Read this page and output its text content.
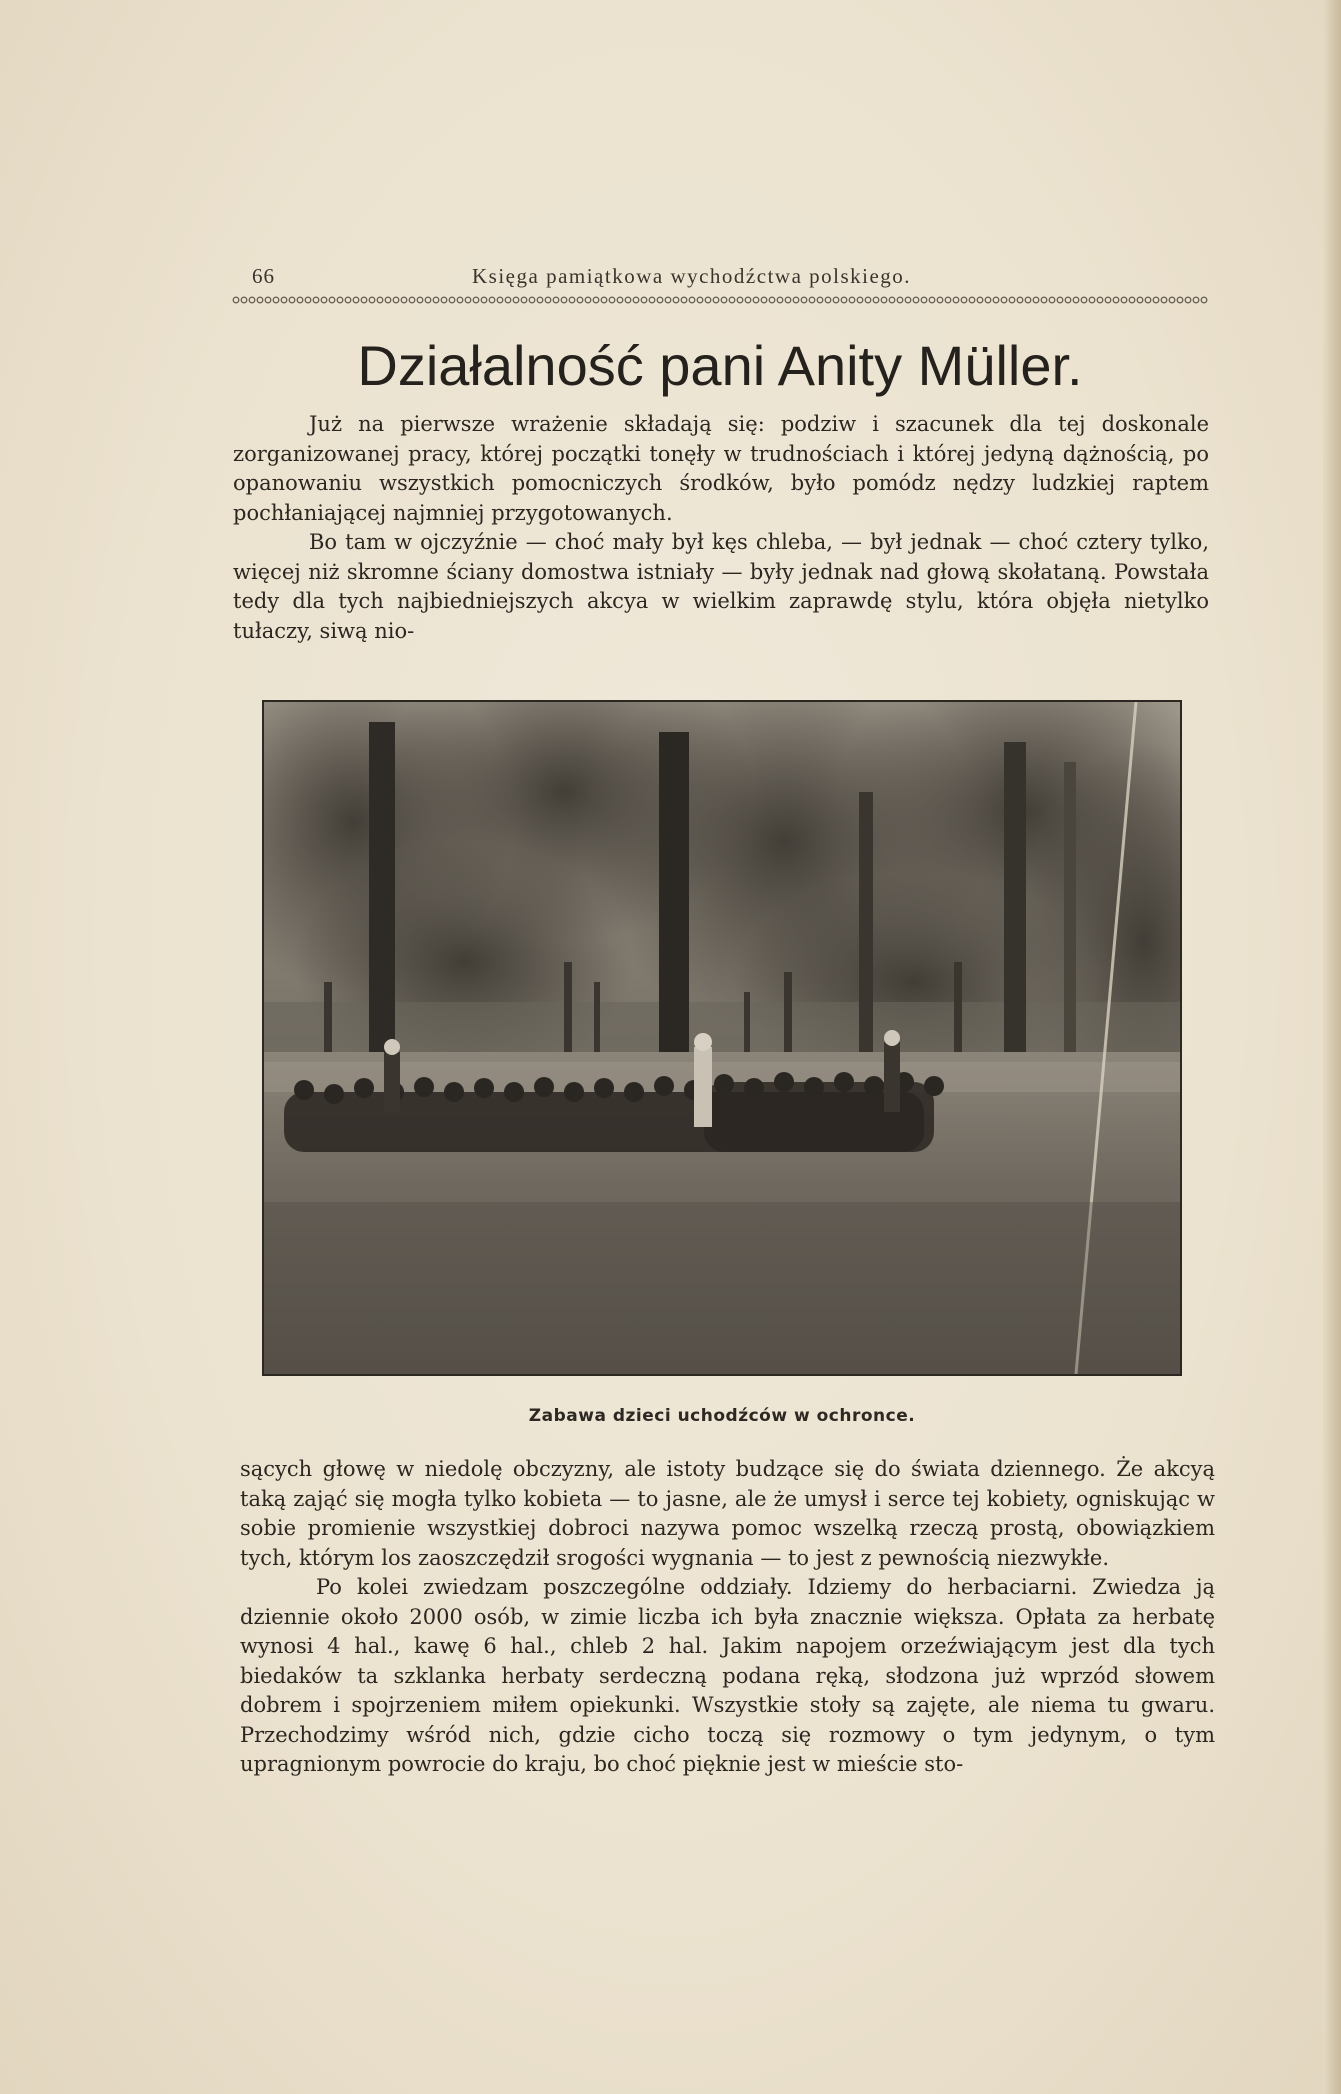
66	Księga pamiątkowa wychodźctwa polskiego.
Działalność pani Anity Müller.

Już na pierwsze wrażenie składają się: podziw i szacunek dla tej doskonale zorganizowanej pracy, której początki tonęły w trudnościach i której jedyną dążnością, po opanowaniu wszystkich pomocniczych środków, było pomódz nędzy ludzkiej raptem pochłaniającej najmniej przygotowanych.

Bo tam w ojczyźnie — choć mały był kęs chleba, — był jednak — choć cztery tylko, więcej niż skromne ściany domostwa istniały — były jednak nad głową skołataną. Powstała tedy dla tych najbiedniejszych akcya w wielkim zaprawdę stylu, która objęła nietylko tułaczy, siwą nio-

Zabawa dzieci uchodźców w ochronce.

sących głowę w niedolę obczyzny, ale istoty budzące się do świata dziennego. Że akcyą taką zająć się mogła tylko kobieta — to jasne, ale że umysł i serce tej kobiety, ogniskując w sobie promienie wszystkiej dobroci nazywa pomoc wszelką rzeczą prostą, obowiązkiem tych, którym los zaoszczędził srogości wygnania — to jest z pewnością niezwykłe.

Po kolei zwiedzam poszczególne oddziały. Idziemy do herbaciarni. Zwiedza ją dziennie około 2000 osób, w zimie liczba ich była znacznie większa. Opłata za herbatę wynosi 4 hal., kawę 6 hal., chleb 2 hal. Jakim napojem orzeźwiającym jest dla tych biedaków ta szklanka herbaty serdeczną podana ręką, słodzona już wprzód słowem dobrem i spojrzeniem miłem opiekunki. Wszystkie stoły są zajęte, ale niema tu gwaru. Przechodzimy wśród nich, gdzie cicho toczą się rozmowy o tym jedynym, o tym upragnionym powrocie do kraju, bo choć pięknie jest w mieście sto-
